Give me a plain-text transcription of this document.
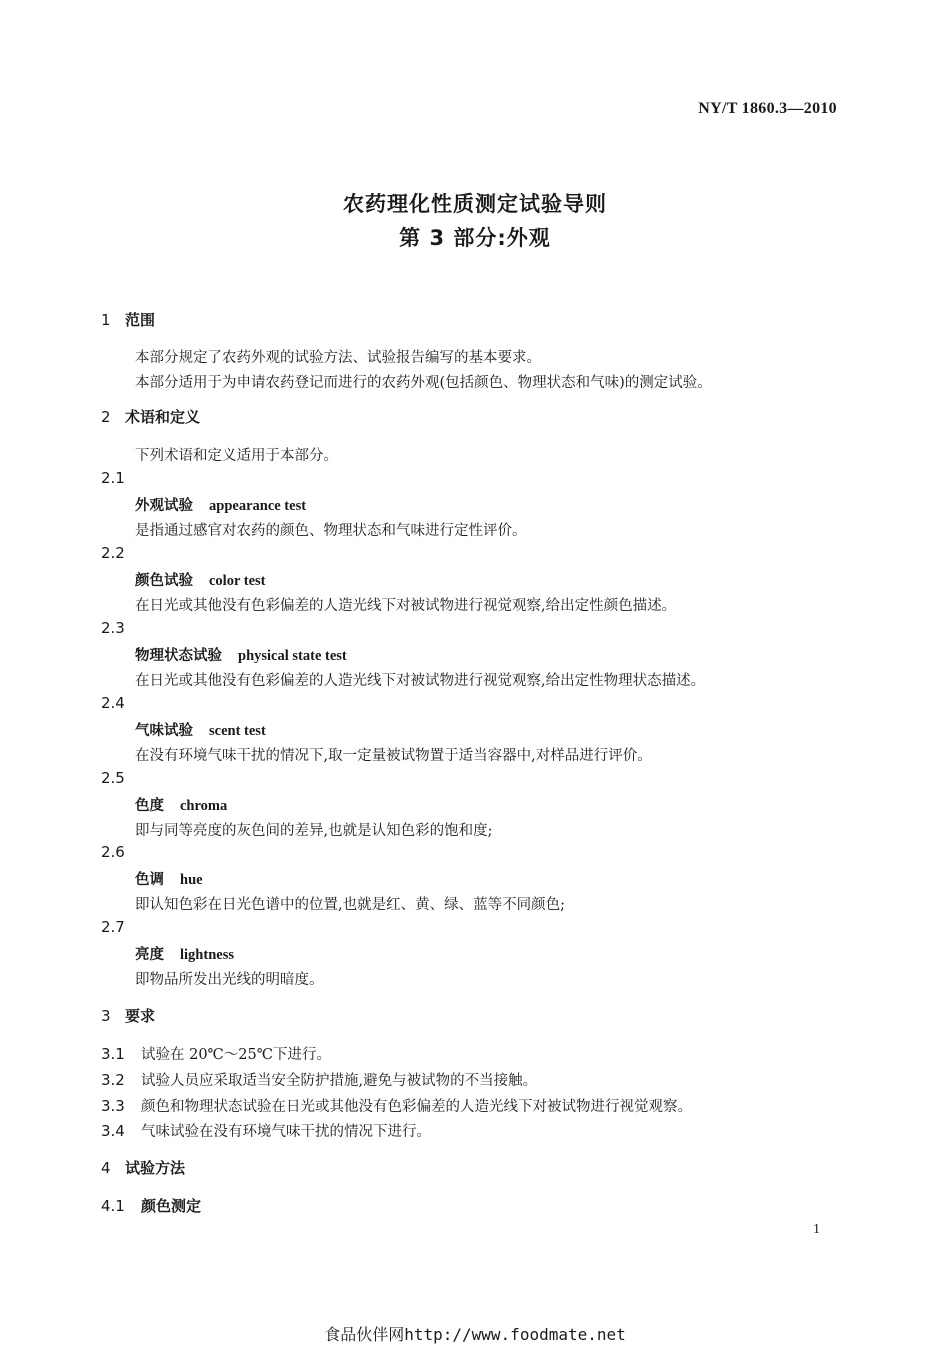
NY/T 1860.3—2010
农药理化性质测定试验导则
第 3 部分:外观
1 范围
本部分规定了农药外观的试验方法、试验报告编写的基本要求。
本部分适用于为申请农药登记而进行的农药外观(包括颜色、物理状态和气味)的测定试验。
2 术语和定义
下列术语和定义适用于本部分。
2.1
外观试验 appearance test
是指通过感官对农药的颜色、物理状态和气味进行定性评价。
2.2
颜色试验 color test
在日光或其他没有色彩偏差的人造光线下对被试物进行视觉观察,给出定性颜色描述。
2.3
物理状态试验 physical state test
在日光或其他没有色彩偏差的人造光线下对被试物进行视觉观察,给出定性物理状态描述。
2.4
气味试验 scent test
在没有环境气味干扰的情况下,取一定量被试物置于适当容器中,对样品进行评价。
2.5
色度 chroma
即与同等亮度的灰色间的差异,也就是认知色彩的饱和度;
2.6
色调 hue
即认知色彩在日光色谱中的位置,也就是红、黄、绿、蓝等不同颜色;
2.7
亮度 lightness
即物品所发出光线的明暗度。
3 要求
3.1 试验在 20℃～25℃下进行。
3.2 试验人员应采取适当安全防护措施,避免与被试物的不当接触。
3.3 颜色和物理状态试验在日光或其他没有色彩偏差的人造光线下对被试物进行视觉观察。
3.4 气味试验在没有环境气味干扰的情况下进行。
4 试验方法
4.1 颜色测定
1
食品伙伴网http://www.foodmate.net
